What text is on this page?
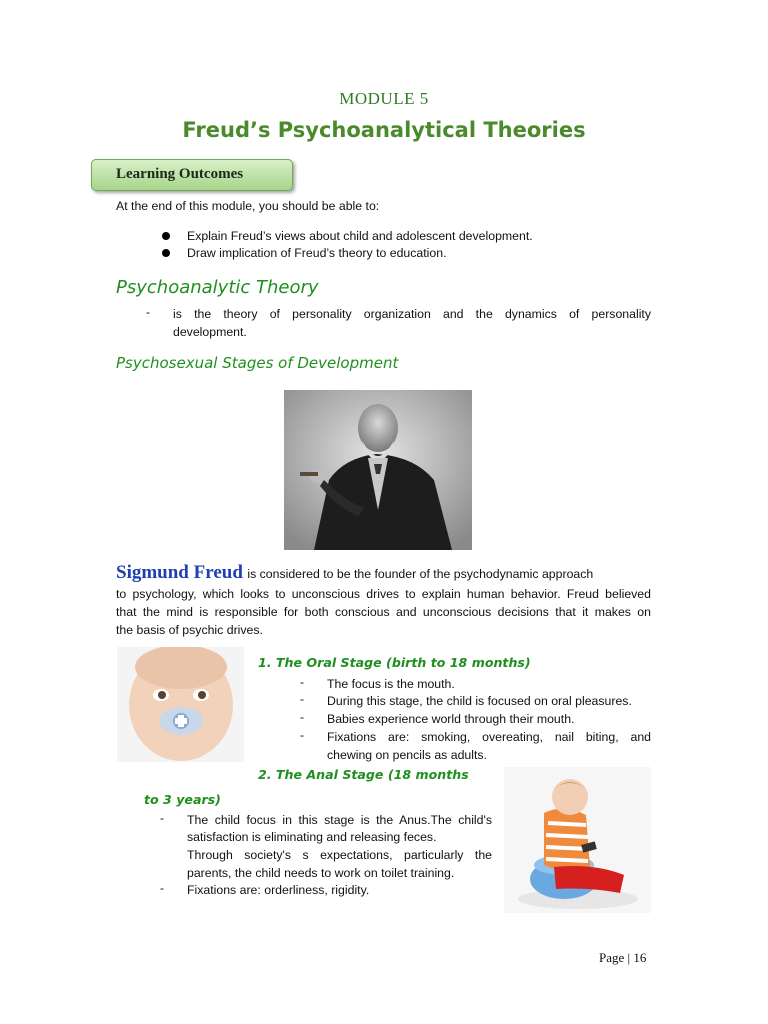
MODULE 5
Freud’s Psychoanalytical Theories
Learning Outcomes
At the end of this module, you should be able to:
Explain Freud’s views about child and adolescent development.
Draw implication of Freud’s theory to education.
Psychoanalytic Theory
- is the theory of personality organization and the dynamics of personality
development.
Psychosexual Stages of Development
Sigmund Freud is considered to be the founder of the psychodynamic approach
to psychology, which looks to unconscious drives to explain human behavior. Freud believed
that the mind is responsible for both conscious and unconscious decisions that it makes on
the basis of psychic drives.
1. The Oral Stage (birth to 18 months)
- The focus is the mouth.
- During this stage, the child is focused on oral pleasures.
- Babies experience world through their mouth.
- Fixations are: smoking, overeating, nail biting, and
chewing on pencils as adults.
2. The Anal Stage (18 months
to 3 years)
- The child focus in this stage is the Anus.The child's
satisfaction is eliminating and releasing feces.
Through society's s expectations, particularly the
parents, the child needs to work on toilet training.
- Fixations are: orderliness, rigidity.
Page | 16
